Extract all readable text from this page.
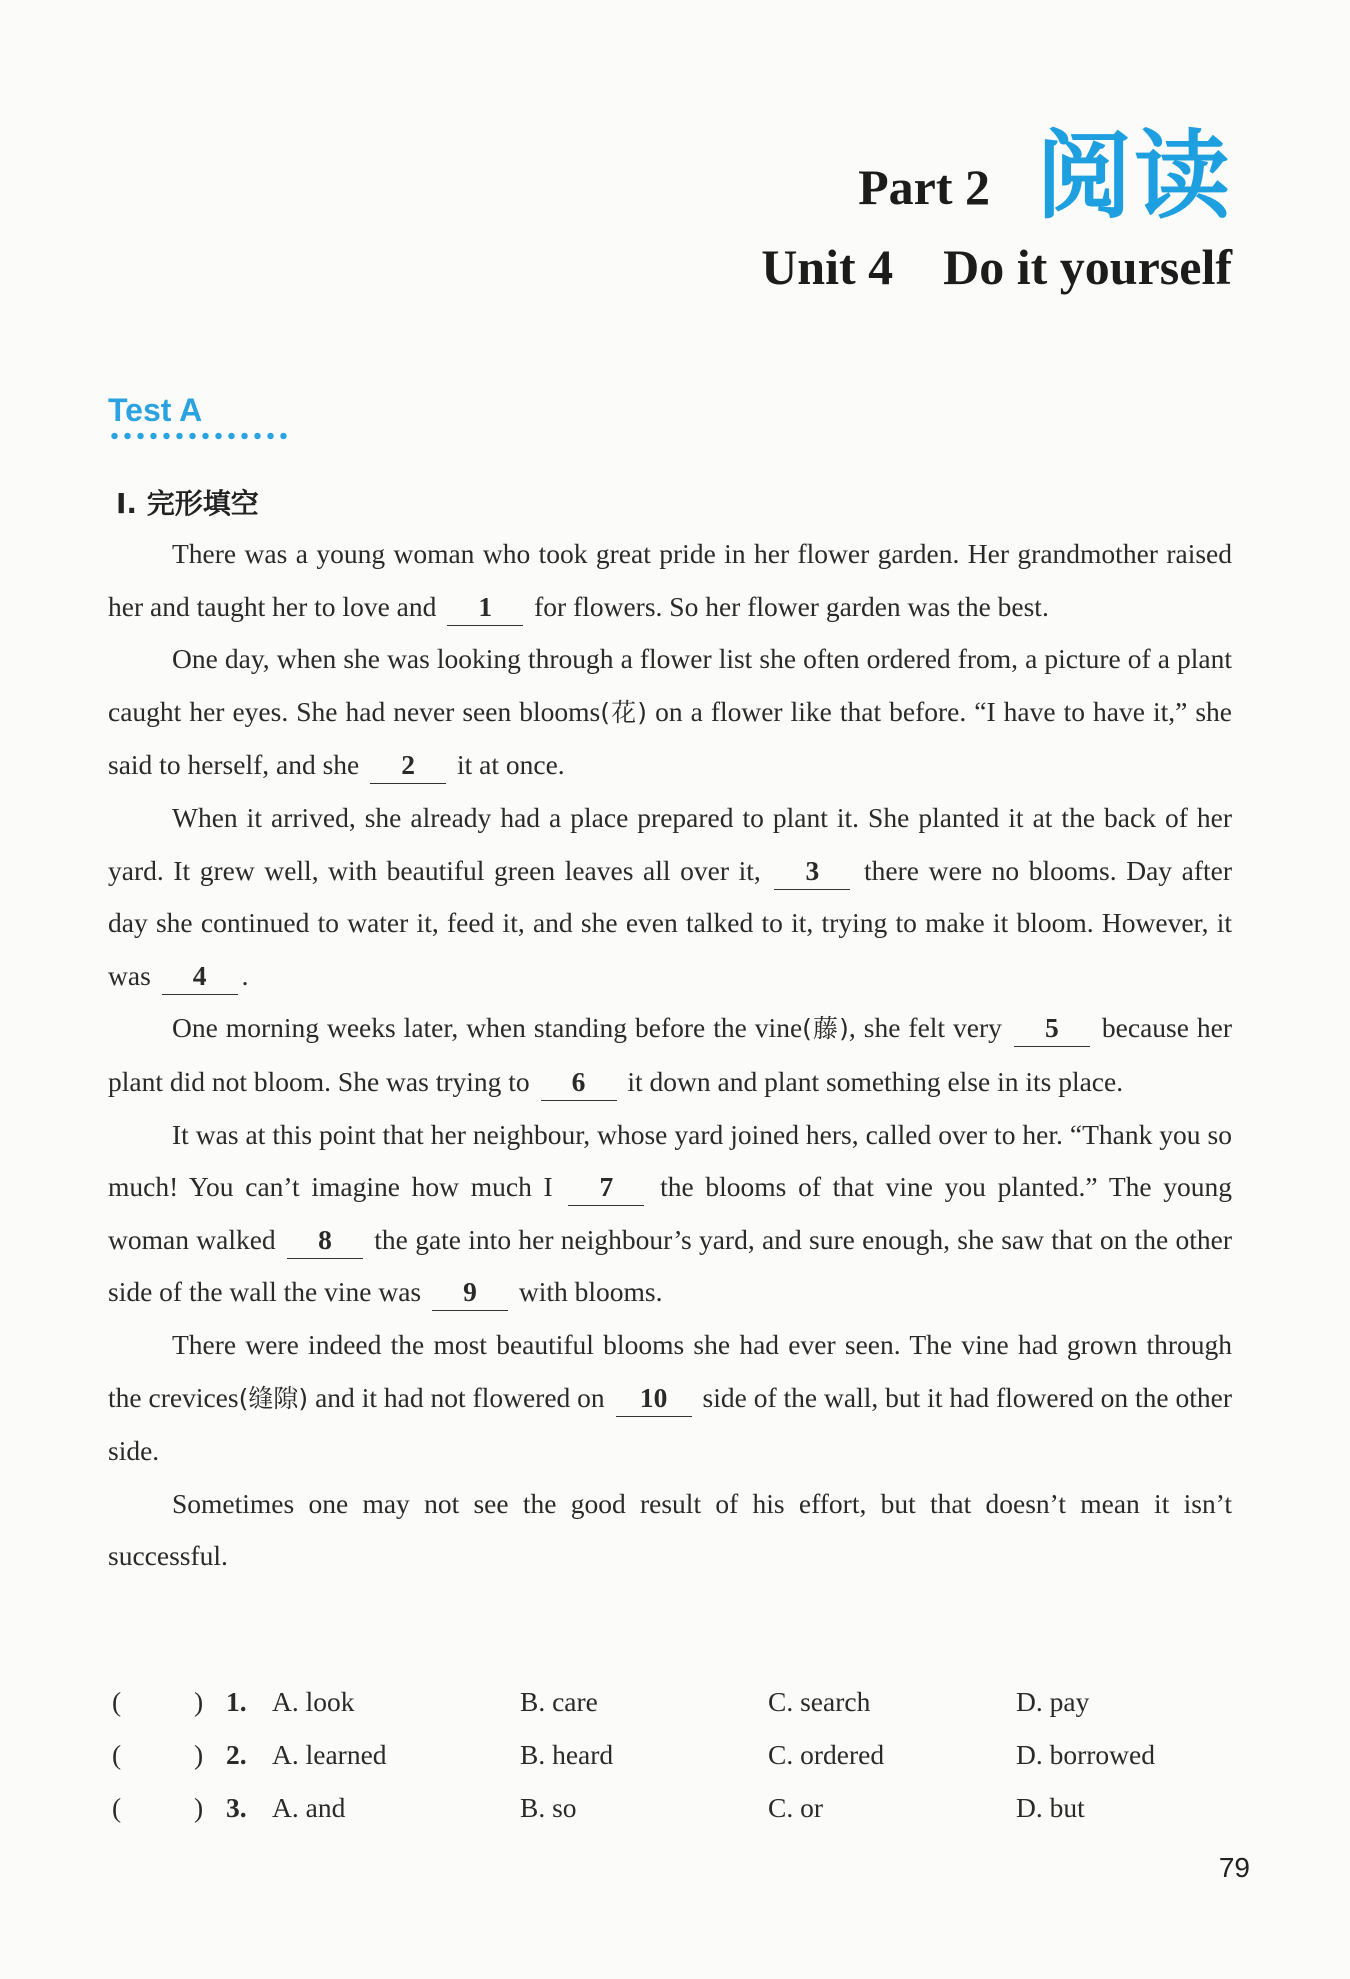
Part 2 阅读
Unit 4    Do it yourself
Test A
Ⅰ. 完形填空

There was a young woman who took great pride in her flower garden. Her grandmother raised her and taught her to love and 1 for flowers. So her flower garden was the best.

One day, when she was looking through a flower list she often ordered from, a picture of a plant caught her eyes. She had never seen blooms(花) on a flower like that before. “I have to have it,” she said to herself, and she 2 it at once.

When it arrived, she already had a place prepared to plant it. She planted it at the back of her yard. It grew well, with beautiful green leaves all over it, 3 there were no blooms. Day after day she continued to water it, feed it, and she even talked to it, trying to make it bloom. However, it was 4 .

One morning weeks later, when standing before the vine(藤), she felt very 5 because her plant did not bloom. She was trying to 6 it down and plant something else in its place.

It was at this point that her neighbour, whose yard joined hers, called over to her. “Thank you so much! You can’t imagine how much I 7 the blooms of that vine you planted.” The young woman walked 8 the gate into her neighbour’s yard, and sure enough, she saw that on the other side of the wall the vine was 9 with blooms.

There were indeed the most beautiful blooms she had ever seen. The vine had grown through the crevices(缝隙) and it had not flowered on 10 side of the wall, but it had flowered on the other side.

Sometimes one may not see the good result of his effort, but that doesn’t mean it isn’t successful.

(	) 1. A. look	B. care	C. search	D. pay
(	) 2. A. learned	B. heard	C. ordered	D. borrowed
(	) 3. A. and	B. so	C. or	D. but
79
